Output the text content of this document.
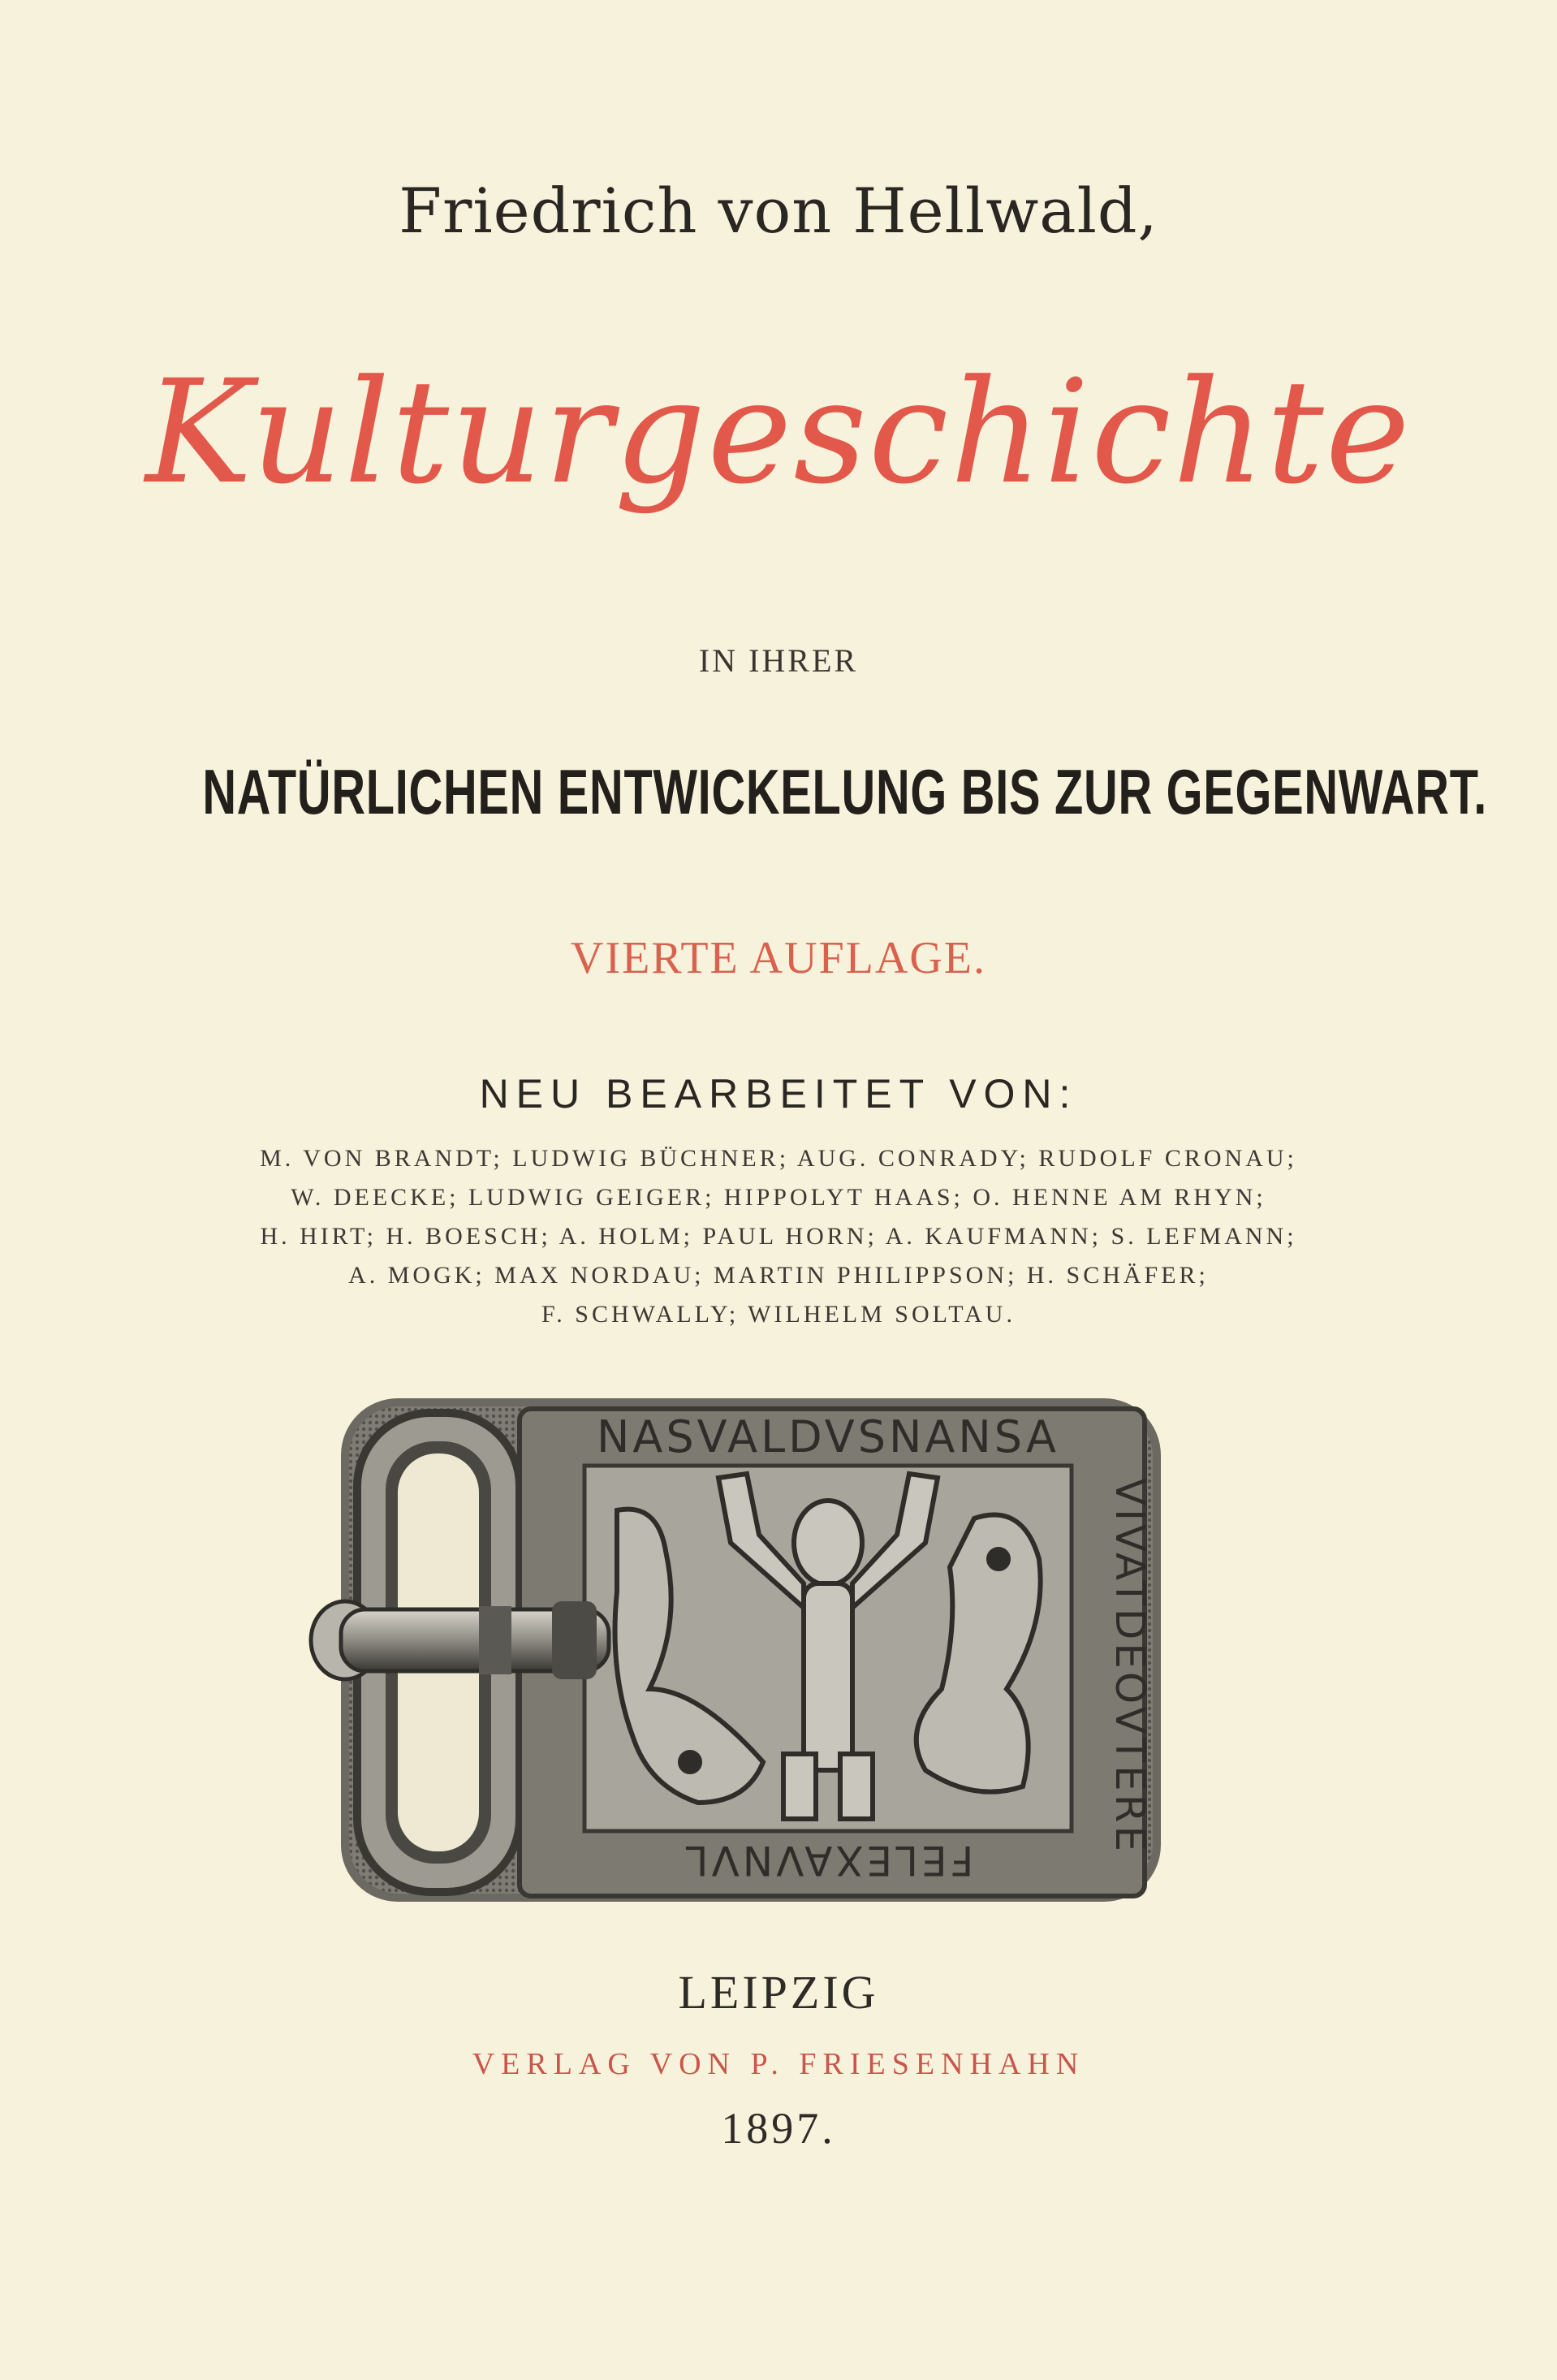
Friedrich von Hellwald,
Kulturgeschichte
IN IHRER
NATÜRLICHEN ENTWICKELUNG BIS ZUR GEGENWART.
VIERTE AUFLAGE.
NEU BEARBEITET VON:
M. VON BRANDT; LUDWIG BÜCHNER; AUG. CONRADY; RUDOLF CRONAU;
W. DEECKE; LUDWIG GEIGER; HIPPOLYT HAAS; O. HENNE AM RHYN;
H. HIRT; H. BOESCH; A. HOLM; PAUL HORN; A. KAUFMANN; S. LEFMANN;
A. MOGK; MAX NORDAU; MARTIN PHILIPPSON; H. SCHÄFER;
F. SCHWALLY; WILHELM SOLTAU.
NASVALDVSNANSA
VIVATDEOVTERE
FELEXAVNVL
LEIPZIG
VERLAG VON P. FRIESENHAHN
1897.
